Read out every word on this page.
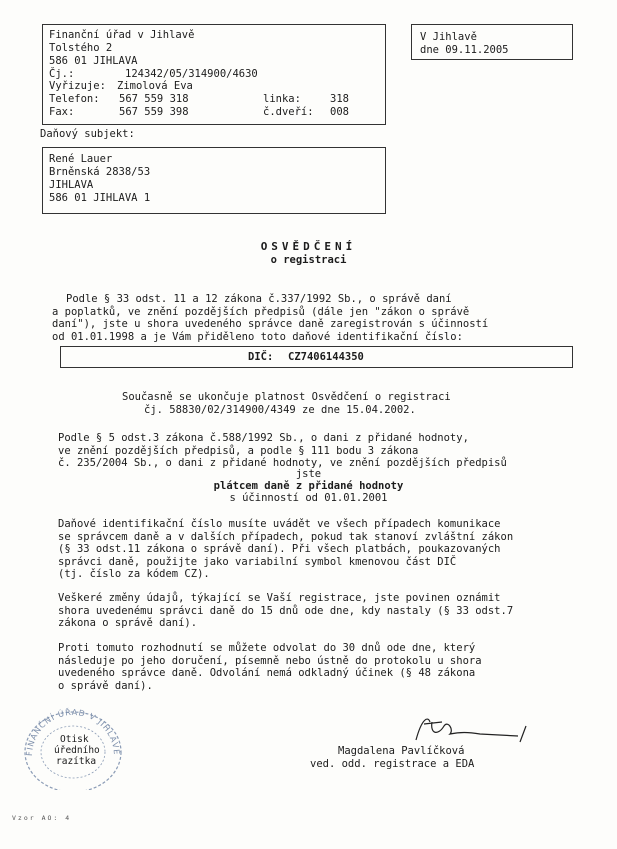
Finanční úřad v Jihlavě
Tolstého 2
586 01 JIHLAVA
Čj.:	124342/05/314900/4630
Vyřizuje: Zimolová Eva
Telefon: 567 559 318	linka:	318
Fax:	567 559 398	č.dveří: 008
V Jihlavě
dne 09.11.2005
Daňový subjekt:
René Lauer
Brněnská 2838/53
JIHLAVA
586 01 JIHLAVA 1
OSVĚDČENÍ
o registraci
Podle § 33 odst. 11 a 12 zákona č.337/1992 Sb., o správě daní
a poplatků, ve znění pozdějších předpisů (dále jen "zákon o správě
daní"), jste u shora uvedeného správce daně zaregistrován s účinností
od 01.01.1998 a je Vám přiděleno toto daňové identifikační číslo:
DIČ: CZ7406144350
Současně se ukončuje platnost Osvědčení o registraci
čj. 58830/02/314900/4349 ze dne 15.04.2002.
Podle § 5 odst.3 zákona č.588/1992 Sb., o dani z přidané hodnoty,
ve znění pozdějších předpisů, a podle § 111 bodu 3 zákona
č. 235/2004 Sb., o dani z přidané hodnoty, ve znění pozdějších předpisů
jste
plátcem daně z přidané hodnoty
s účinností od 01.01.2001
Daňové identifikační číslo musíte uvádět ve všech případech komunikace
se správcem daně a v dalších případech, pokud tak stanoví zvláštní zákon
(§ 33 odst.11 zákona o správě daní). Při všech platbách, poukazovaných
správci daně, použijte jako variabilní symbol kmenovou část DIČ
(tj. číslo za kódem CZ).
Veškeré změny údajů, týkající se Vaší registrace, jste povinen oznámit
shora uvedenému správci daně do 15 dnů ode dne, kdy nastaly (§ 33 odst.7
zákona o správě daní).
Proti tomuto rozhodnutí se můžete odvolat do 30 dnů ode dne, který
následuje po jeho doručení, písemně nebo ústně do protokolu u shora
uvedeného správce daně. Odvolání nemá odkladný účinek (§ 48 zákona
o správě daní).
FINANČNÍ ÚŘAD V JIHLAVĚ
Otisk
úředního
razítka
Magdalena Pavlíčková
ved. odd. registrace a EDA
Vzor AO: 4
